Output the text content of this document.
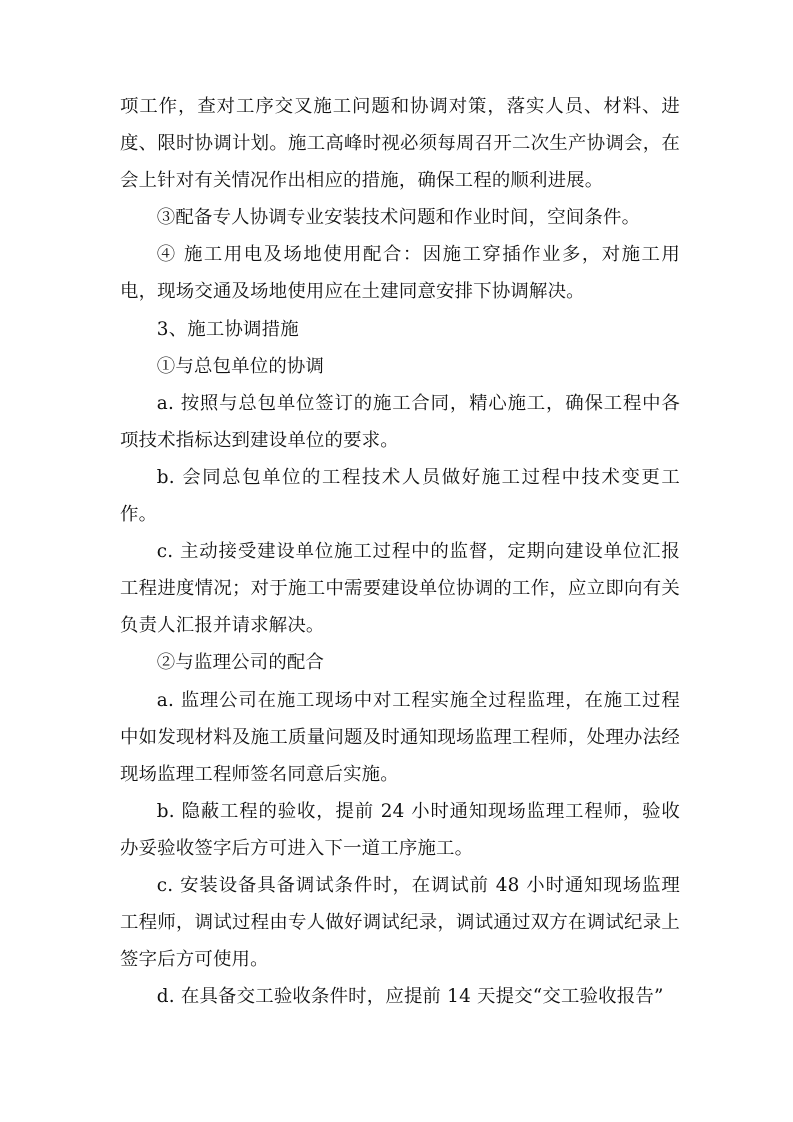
项工作，查对工序交叉施工问题和协调对策，落实人员、材料、进度、限时协调计划。施工高峰时视必须每周召开二次生产协调会，在会上针对有关情况作出相应的措施，确保工程的顺利进展。

③配备专人协调专业安装技术问题和作业时间，空间条件。

④ 施工用电及场地使用配合：因施工穿插作业多，对施工用电，现场交通及场地使用应在土建同意安排下协调解决。

3、施工协调措施

①与总包单位的协调

a. 按照与总包单位签订的施工合同，精心施工，确保工程中各项技术指标达到建设单位的要求。

b. 会同总包单位的工程技术人员做好施工过程中技术变更工作。

c. 主动接受建设单位施工过程中的监督，定期向建设单位汇报工程进度情况；对于施工中需要建设单位协调的工作，应立即向有关负责人汇报并请求解决。

②与监理公司的配合

a. 监理公司在施工现场中对工程实施全过程监理，在施工过程中如发现材料及施工质量问题及时通知现场监理工程师，处理办法经现场监理工程师签名同意后实施。

b. 隐蔽工程的验收，提前 24 小时通知现场监理工程师，验收办妥验收签字后方可进入下一道工序施工。

c. 安装设备具备调试条件时，在调试前 48 小时通知现场监理工程师，调试过程由专人做好调试纪录，调试通过双方在调试纪录上签字后方可使用。

d. 在具备交工验收条件时，应提前 14 天提交“交工验收报告”
